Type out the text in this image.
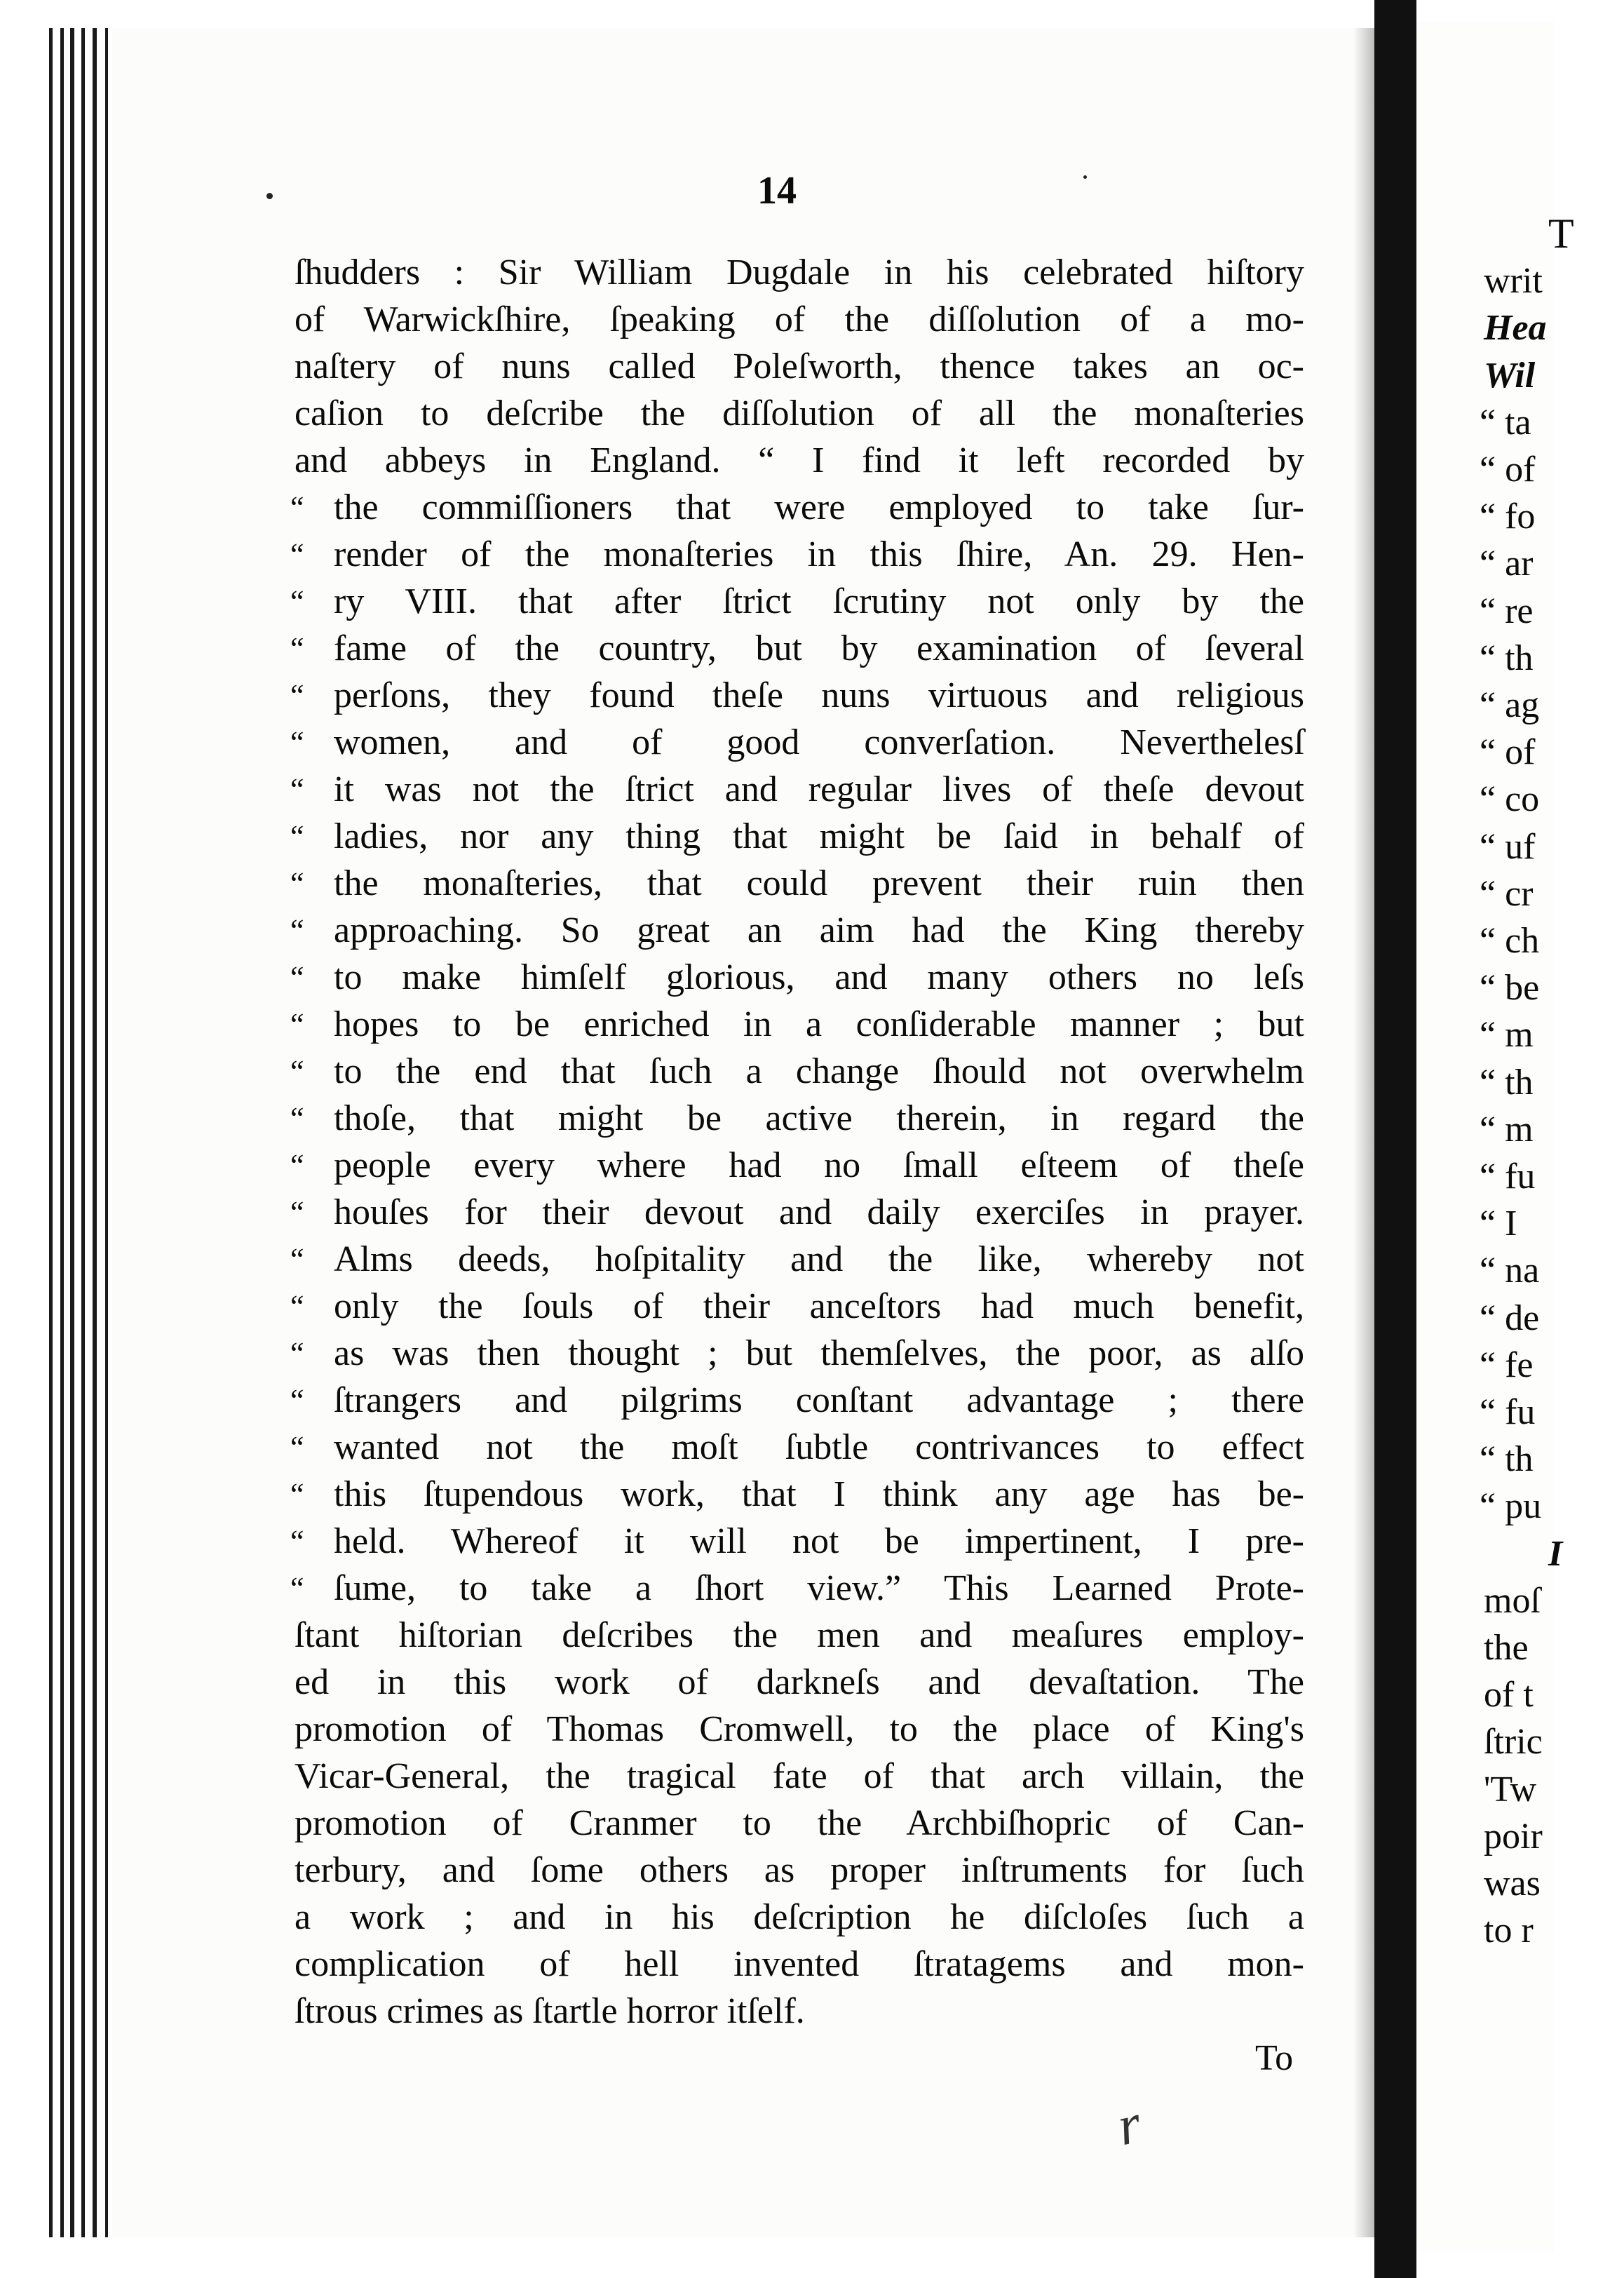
T
writ
Hea
Wil
“ ta
“ of
“ fo
“ ar
“ re
“ th
“ ag
“ of
“ co
“ uf
“ cr
“ ch
“ be
“ m
“ th
“ m
“ fu
“ I
“ na
“ de
“ fe
“ fu
“ th
“ pu
I
moſ
the
of t
ſtric
'Tw
poir
was
to r
14
ſhudders : Sir William Dugdale in his celebrated hiſtory
of Warwickſhire, ſpeaking of the diſſolution of a mo-
naſtery of nuns called Poleſworth, thence takes an oc-
caſion to deſcribe the diſſolution of all the monaſteries
and abbeys in England. “ I find it left recorded by
“ the commiſſioners that were employed to take ſur-
“ render of the monaſteries in this ſhire, An. 29. Hen-
“ ry VIII. that after ſtrict ſcrutiny not only by the
“ fame of the country, but by examination of ſeveral
“ perſons, they found theſe nuns virtuous and religious
“ women, and of good converſation. Neverthelesſ
“ it was not the ſtrict and regular lives of theſe devout
“ ladies, nor any thing that might be ſaid in behalf of
“ the monaſteries, that could prevent their ruin then
“ approaching. So great an aim had the King thereby
“ to make himſelf glorious, and many others no leſs
“ hopes to be enriched in a conſiderable manner ; but
“ to the end that ſuch a change ſhould not overwhelm
“ thoſe, that might be active therein, in regard the
“ people every where had no ſmall eſteem of theſe
“ houſes for their devout and daily exerciſes in prayer.
“ Alms deeds, hoſpitality and the like, whereby not
“ only the ſouls of their anceſtors had much benefit,
“ as was then thought ; but themſelves, the poor, as alſo
“ ſtrangers and pilgrims conſtant advantage ; there
“ wanted not the moſt ſubtle contrivances to effect
“ this ſtupendous work, that I think any age has be-
“ held. Whereof it will not be impertinent, I pre-
“ ſume, to take a ſhort view.” This Learned Prote-
ſtant hiſtorian deſcribes the men and meaſures employ-
ed in this work of darkneſs and devaſtation. The
promotion of Thomas Cromwell, to the place of King's
Vicar-General, the tragical fate of that arch villain, the
promotion of Cranmer to the Archbiſhopric of Can-
terbury, and ſome others as proper inſtruments for ſuch
a work ; and in his deſcription he diſcloſes ſuch a
complication of hell invented ſtratagems and mon-
ſtrous crimes as ſtartle horror itſelf.
To
r
